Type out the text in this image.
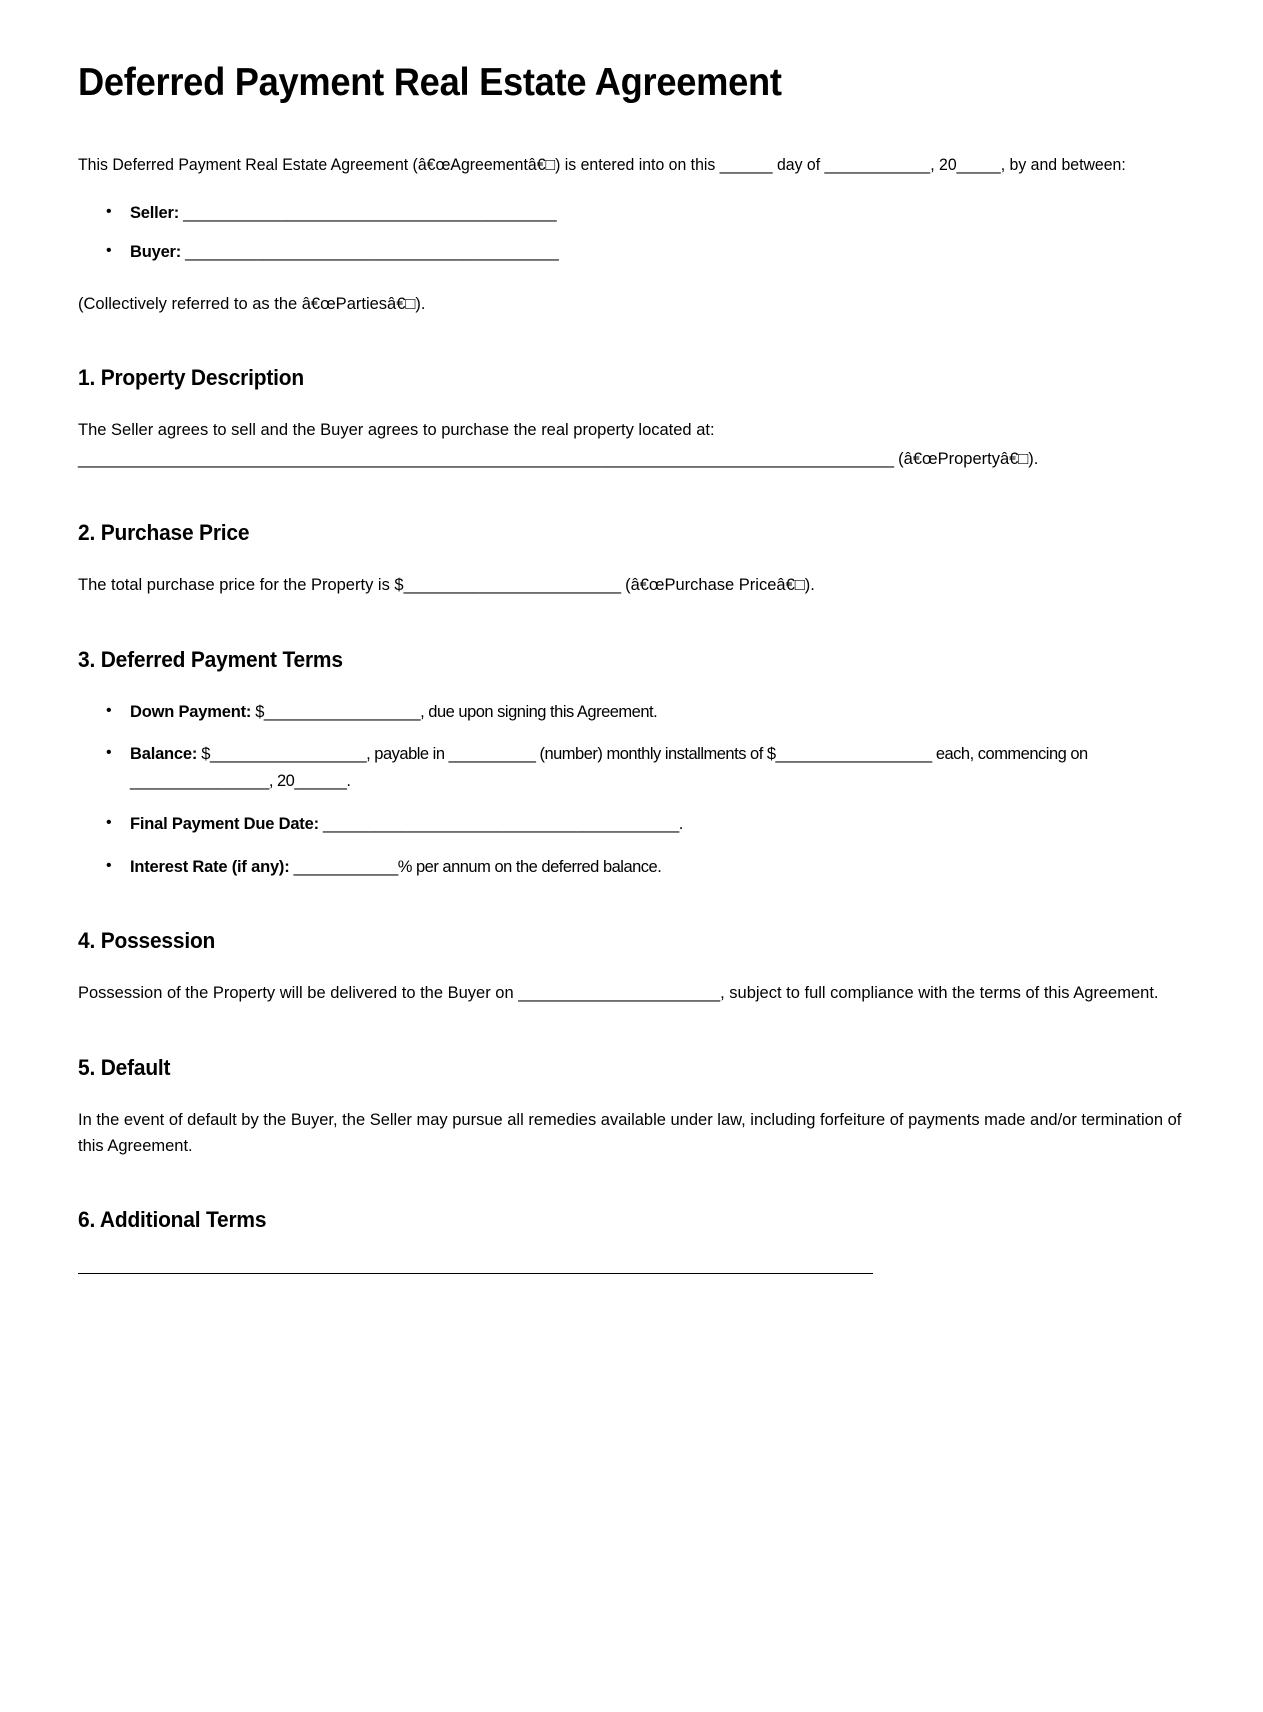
Deferred Payment Real Estate Agreement

This Deferred Payment Real Estate Agreement (â€œAgreementâ€□) is entered into on this ______ day of ____________, 20_____, by and between:

• Seller: ___________________________________________
• Buyer: ___________________________________________

(Collectively referred to as the â€œPartiesâ€□).

1. Property Description

The Seller agrees to sell and the Buyer agrees to purchase the real property located at:

______________________________________________________________________________________________ (â€œPropertyâ€□).

2. Purchase Price

The total purchase price for the Property is $_________________________ (â€œPurchase Priceâ€□).

3. Deferred Payment Terms
• Down Payment: $__________________, due upon signing this Agreement.
• Balance: $__________________, payable in __________ (number) monthly installments of $__________________ each, commencing on ________________, 20______.
• Final Payment Due Date: _________________________________________.
• Interest Rate (if any): ____________% per annum on the deferred balance.
4. Possession

Possession of the Property will be delivered to the Buyer on ______________________, subject to full compliance with the terms of this Agreement.

5. Default

In the event of default by the Buyer, the Seller may pursue all remedies available under law, including forfeiture of payments made and/or termination of this Agreement.

6. Additional Terms
